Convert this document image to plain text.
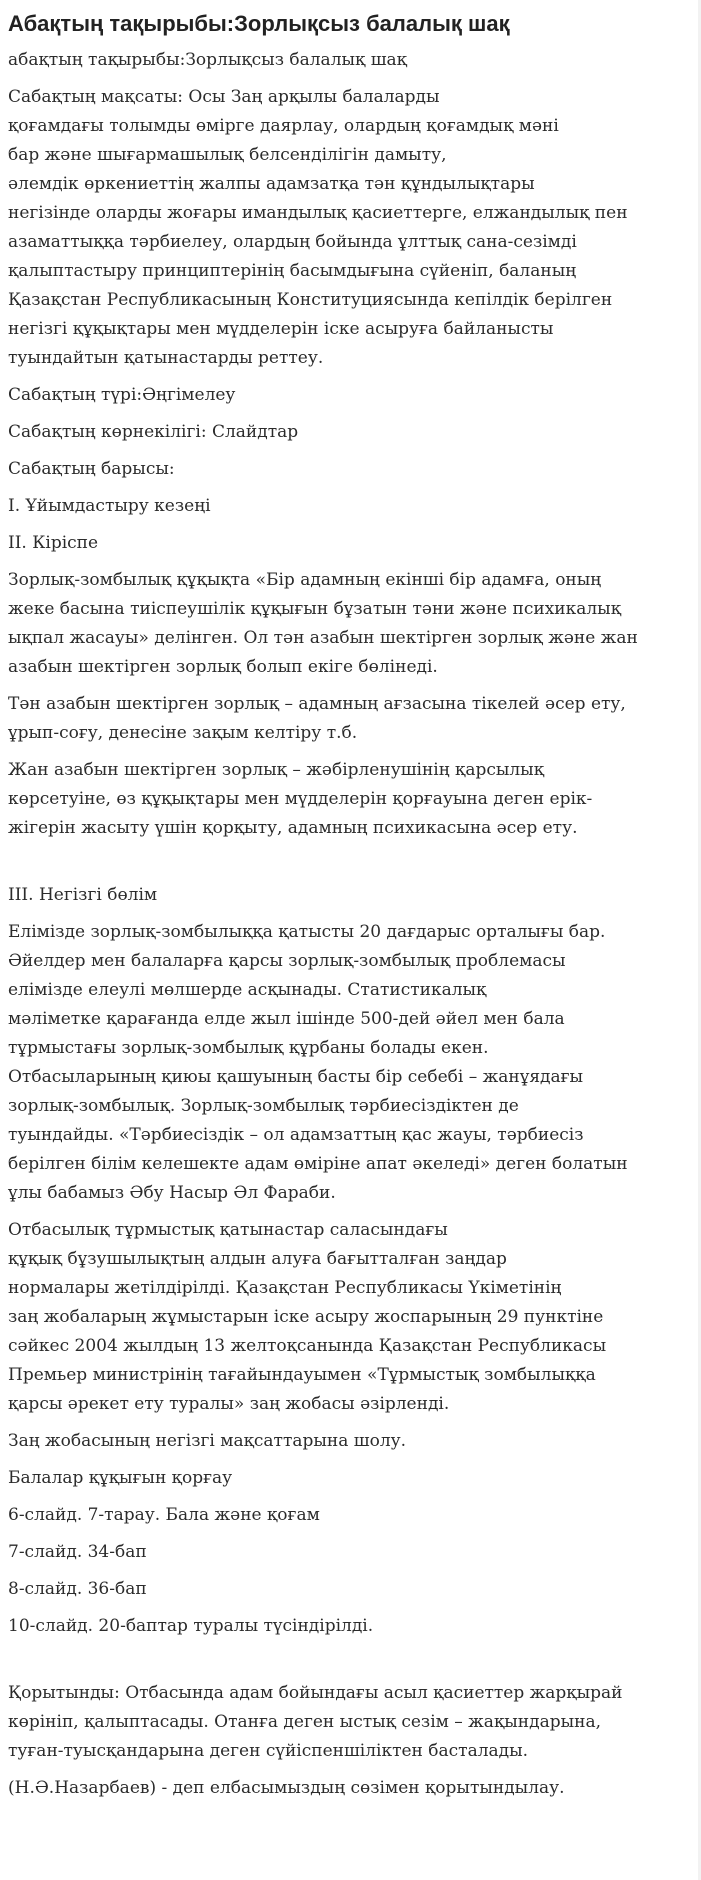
Абақтың тақырыбы:Зорлықсыз балалық шақ

абақтың тақырыбы:Зорлықсыз балалық шақ

Сабақтың мақсаты: Осы Заң арқылы балаларды
қоғамдағы толымды өмірге даярлау, олардың қоғамдық мәні
бар және шығармашылық белсенділігін дамыту,
әлемдік өркениеттің жалпы адамзатқа тән құндылықтары
негізінде оларды жоғары имандылық қасиеттерге, елжандылық пен
азаматтыққа тәрбиелеу, олардың бойында ұлттық сана-сезімді
қалыптастыру принциптерінің басымдығына сүйеніп, баланың
Қазақстан Республикасының Конституциясында кепілдік берілген
негізгі құқықтары мен мүдделерін іске асыруға байланысты
туындайтын қатынастарды реттеу.

Сабақтың түрі:Әңгімелеу

Сабақтың көрнекілігі: Слайдтар

Сабақтың барысы:

І. Ұйымдастыру кезеңі

ІІ. Кіріспе

Зорлық-зомбылық құқықта «Бір адамның екінші бір адамға, оның
жеке басына тиіспеушілік құқығын бұзатын тәни және психикалық
ықпал жасауы» делінген. Ол тән азабын шектірген зорлық және жан
азабын шектірген зорлық болып екіге бөлінеді.

Тән азабын шектірген зорлық – адамның ағзасына тікелей әсер ету,
ұрып-соғу, денесіне зақым келтіру т.б.

Жан азабын шектірген зорлық – жәбірленушінің қарсылық
көрсетуіне, өз құқықтары мен мүдделерін қорғауына деген ерік-
жігерін жасыту үшін қорқыту, адамның психикасына әсер ету.

ІІІ. Негізгі бөлім

Елімізде зорлық-зомбылыққа қатысты 20 дағдарыс орталығы бар.
Әйелдер мен балаларға қарсы зорлық-зомбылық проблемасы
елімізде елеулі мөлшерде асқынады. Статистикалық
мәліметке қарағанда елде жыл ішінде 500-дей әйел мен бала
тұрмыстағы зорлық-зомбылық құрбаны болады екен.
Отбасыларының қиюы қашуының басты бір себебі – жанұядағы
зорлық-зомбылық. Зорлық-зомбылық тәрбиесіздіктен де
туындайды. «Тәрбиесіздік – ол адамзаттың қас жауы, тәрбиесіз
берілген білім келешекте адам өміріне апат әкеледі» деген болатын
ұлы бабамыз Әбу Насыр Әл Фараби.

Отбасылық тұрмыстық қатынастар саласындағы
құқық бұзушылықтың алдын алуға бағытталған заңдар
нормалары жетілдірілді. Қазақстан Республикасы Үкіметінің
заң жобаларың жұмыстарын іске асыру жоспарының 29 пунктіне
сәйкес 2004 жылдың 13 желтоқсанында Қазақстан Республикасы
Премьер министрінің тағайындауымен «Тұрмыстық зомбылыққа
қарсы әрекет ету туралы» заң жобасы әзірленді.

Заң жобасының негізгі мақсаттарына шолу.

Балалар құқығын қорғау

6-слайд. 7-тарау. Бала және қоғам

7-слайд. 34-бап

8-слайд. 36-бап

10-слайд. 20-баптар туралы түсіндірілді.

Қорытынды: Отбасында адам бойындағы асыл қасиеттер жарқырай
көрініп, қалыптасады. Отанға деген ыстық сезім – жақындарына,
туған-туысқандарына деген сүйіспеншіліктен басталады.

(Н.Ә.Назарбаев) - деп елбасымыздың сөзімен қорытындылау.
